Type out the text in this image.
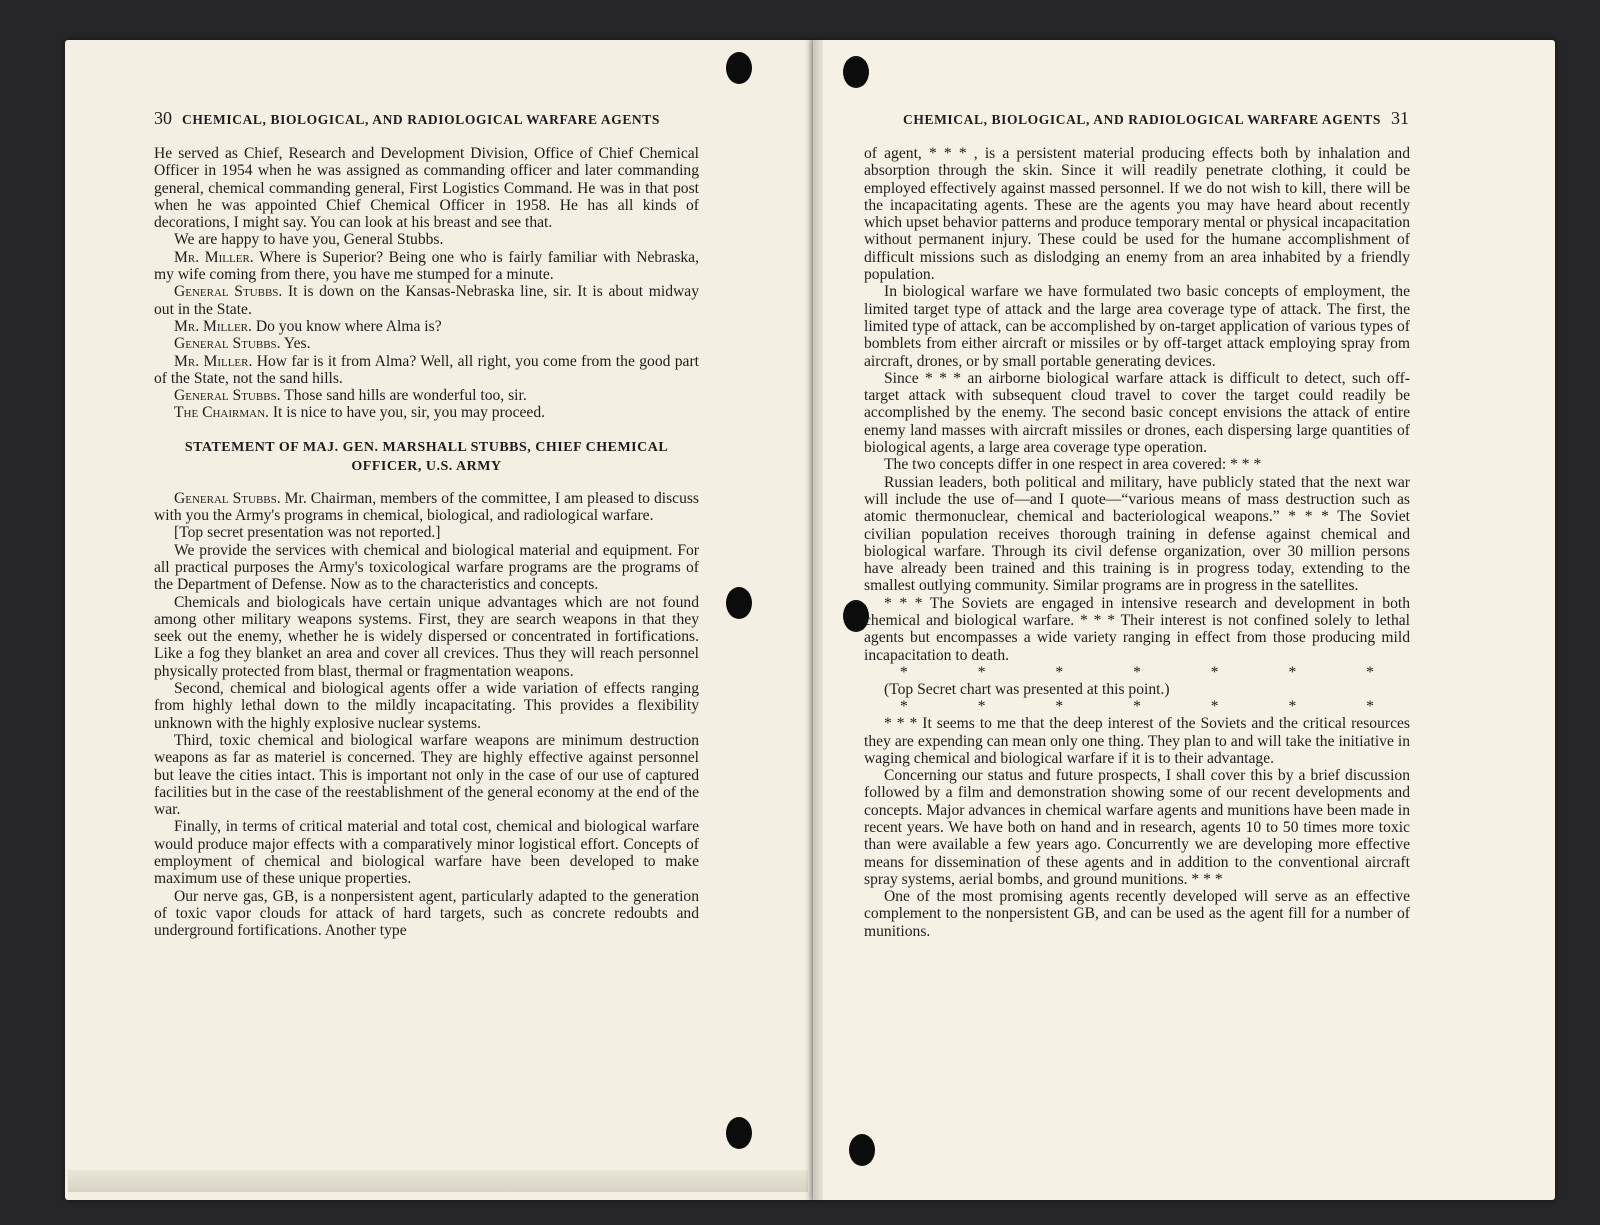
30 CHEMICAL, BIOLOGICAL, AND RADIOLOGICAL WARFARE AGENTS

He served as Chief, Research and Development Division, Office of Chief Chemical Officer in 1954 when he was assigned as commanding officer and later commanding general, chemical commanding general, First Logistics Command. He was in that post when he was appointed Chief Chemical Officer in 1958. He has all kinds of decorations, I might say. You can look at his breast and see that.

We are happy to have you, General Stubbs.

Mr. Miller. Where is Superior? Being one who is fairly familiar with Nebraska, my wife coming from there, you have me stumped for a minute.

General Stubbs. It is down on the Kansas-Nebraska line, sir. It is about midway out in the State.

Mr. Miller. Do you know where Alma is?

General Stubbs. Yes.

Mr. Miller. How far is it from Alma? Well, all right, you come from the good part of the State, not the sand hills.

General Stubbs. Those sand hills are wonderful too, sir.

The Chairman. It is nice to have you, sir, you may proceed.

STATEMENT OF MAJ. GEN. MARSHALL STUBBS, CHIEF CHEMICAL OFFICER, U.S. ARMY

General Stubbs. Mr. Chairman, members of the committee, I am pleased to discuss with you the Army's programs in chemical, biological, and radiological warfare.

[Top secret presentation was not reported.]

We provide the services with chemical and biological material and equipment. For all practical purposes the Army's toxicological warfare programs are the programs of the Department of Defense. Now as to the characteristics and concepts.

Chemicals and biologicals have certain unique advantages which are not found among other military weapons systems. First, they are search weapons in that they seek out the enemy, whether he is widely dispersed or concentrated in fortifications. Like a fog they blanket an area and cover all crevices. Thus they will reach personnel physically protected from blast, thermal or fragmentation weapons.

Second, chemical and biological agents offer a wide variation of effects ranging from highly lethal down to the mildly incapacitating. This provides a flexibility unknown with the highly explosive nuclear systems.

Third, toxic chemical and biological warfare weapons are minimum destruction weapons as far as materiel is concerned. They are highly effective against personnel but leave the cities intact. This is important not only in the case of our use of captured facilities but in the case of the reestablishment of the general economy at the end of the war.

Finally, in terms of critical material and total cost, chemical and biological warfare would produce major effects with a comparatively minor logistical effort. Concepts of employment of chemical and biological warfare have been developed to make maximum use of these unique properties.

Our nerve gas, GB, is a nonpersistent agent, particularly adapted to the generation of toxic vapor clouds for attack of hard targets, such as concrete redoubts and underground fortifications. Another type

CHEMICAL, BIOLOGICAL, AND RADIOLOGICAL WARFARE AGENTS 31

of agent, * * * , is a persistent material producing effects both by inhalation and absorption through the skin. Since it will readily penetrate clothing, it could be employed effectively against massed personnel. If we do not wish to kill, there will be the incapacitating agents. These are the agents you may have heard about recently which upset behavior patterns and produce temporary mental or physical incapacitation without permanent injury. These could be used for the humane accomplishment of difficult missions such as dislodging an enemy from an area inhabited by a friendly population.

In biological warfare we have formulated two basic concepts of employment, the limited target type of attack and the large area coverage type of attack. The first, the limited type of attack, can be accomplished by on-target application of various types of bomblets from either aircraft or missiles or by off-target attack employing spray from aircraft, drones, or by small portable generating devices.

Since * * * an airborne biological warfare attack is difficult to detect, such off-target attack with subsequent cloud travel to cover the target could readily be accomplished by the enemy. The second basic concept envisions the attack of entire enemy land masses with aircraft missiles or drones, each dispersing large quantities of biological agents, a large area coverage type operation.

The two concepts differ in one respect in area covered: * * *

Russian leaders, both political and military, have publicly stated that the next war will include the use of—and I quote—“various means of mass destruction such as atomic thermonuclear, chemical and bacteriological weapons.” * * * The Soviet civilian population receives thorough training in defense against chemical and biological warfare. Through its civil defense organization, over 30 million persons have already been trained and this training is in progress today, extending to the smallest outlying community. Similar programs are in progress in the satellites.

* * * The Soviets are engaged in intensive research and development in both chemical and biological warfare. * * * Their interest is not confined solely to lethal agents but encompasses a wide variety ranging in effect from those producing mild incapacitation to death.

*	*	*	*	*	*	*

(Top Secret chart was presented at this point.)

*	*	*	*	*	*	*

* * * It seems to me that the deep interest of the Soviets and the critical resources they are expending can mean only one thing. They plan to and will take the initiative in waging chemical and biological warfare if it is to their advantage.

Concerning our status and future prospects, I shall cover this by a brief discussion followed by a film and demonstration showing some of our recent developments and concepts. Major advances in chemical warfare agents and munitions have been made in recent years. We have both on hand and in research, agents 10 to 50 times more toxic than were available a few years ago. Concurrently we are developing more effective means for dissemination of these agents and in addition to the conventional aircraft spray systems, aerial bombs, and ground munitions. * * *

One of the most promising agents recently developed will serve as an effective complement to the nonpersistent GB, and can be used as the agent fill for a number of munitions.
